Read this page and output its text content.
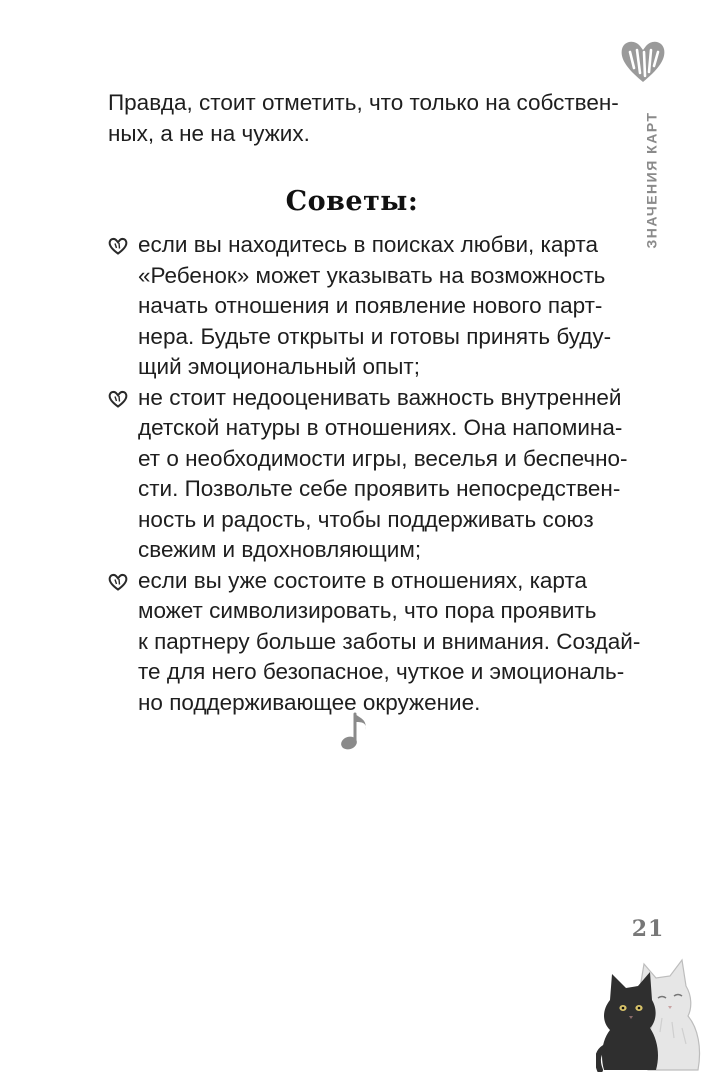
ЗНАЧЕНИЯ КАРТ
Правда, стоит отметить, что только на собствен-
ных, а не на чужих.
Советы:
если вы находитесь в поисках любви, карта
«Ребенок» может указывать на возможность
начать отношения и появление нового парт-
нера. Будьте открыты и готовы принять буду-
щий эмоциональный опыт;
не стоит недооценивать важность внутренней
детской натуры в отношениях. Она напомина-
ет о необходимости игры, веселья и беспечно-
сти. Позвольте себе проявить непосредствен-
ность и радость, чтобы поддерживать союз
свежим и вдохновляющим;
если вы уже состоите в отношениях, карта
может символизировать, что пора проявить
к партнеру больше заботы и внимания. Создай-
те для него безопасное, чуткое и эмоциональ-
но поддерживающее окружение.
21
